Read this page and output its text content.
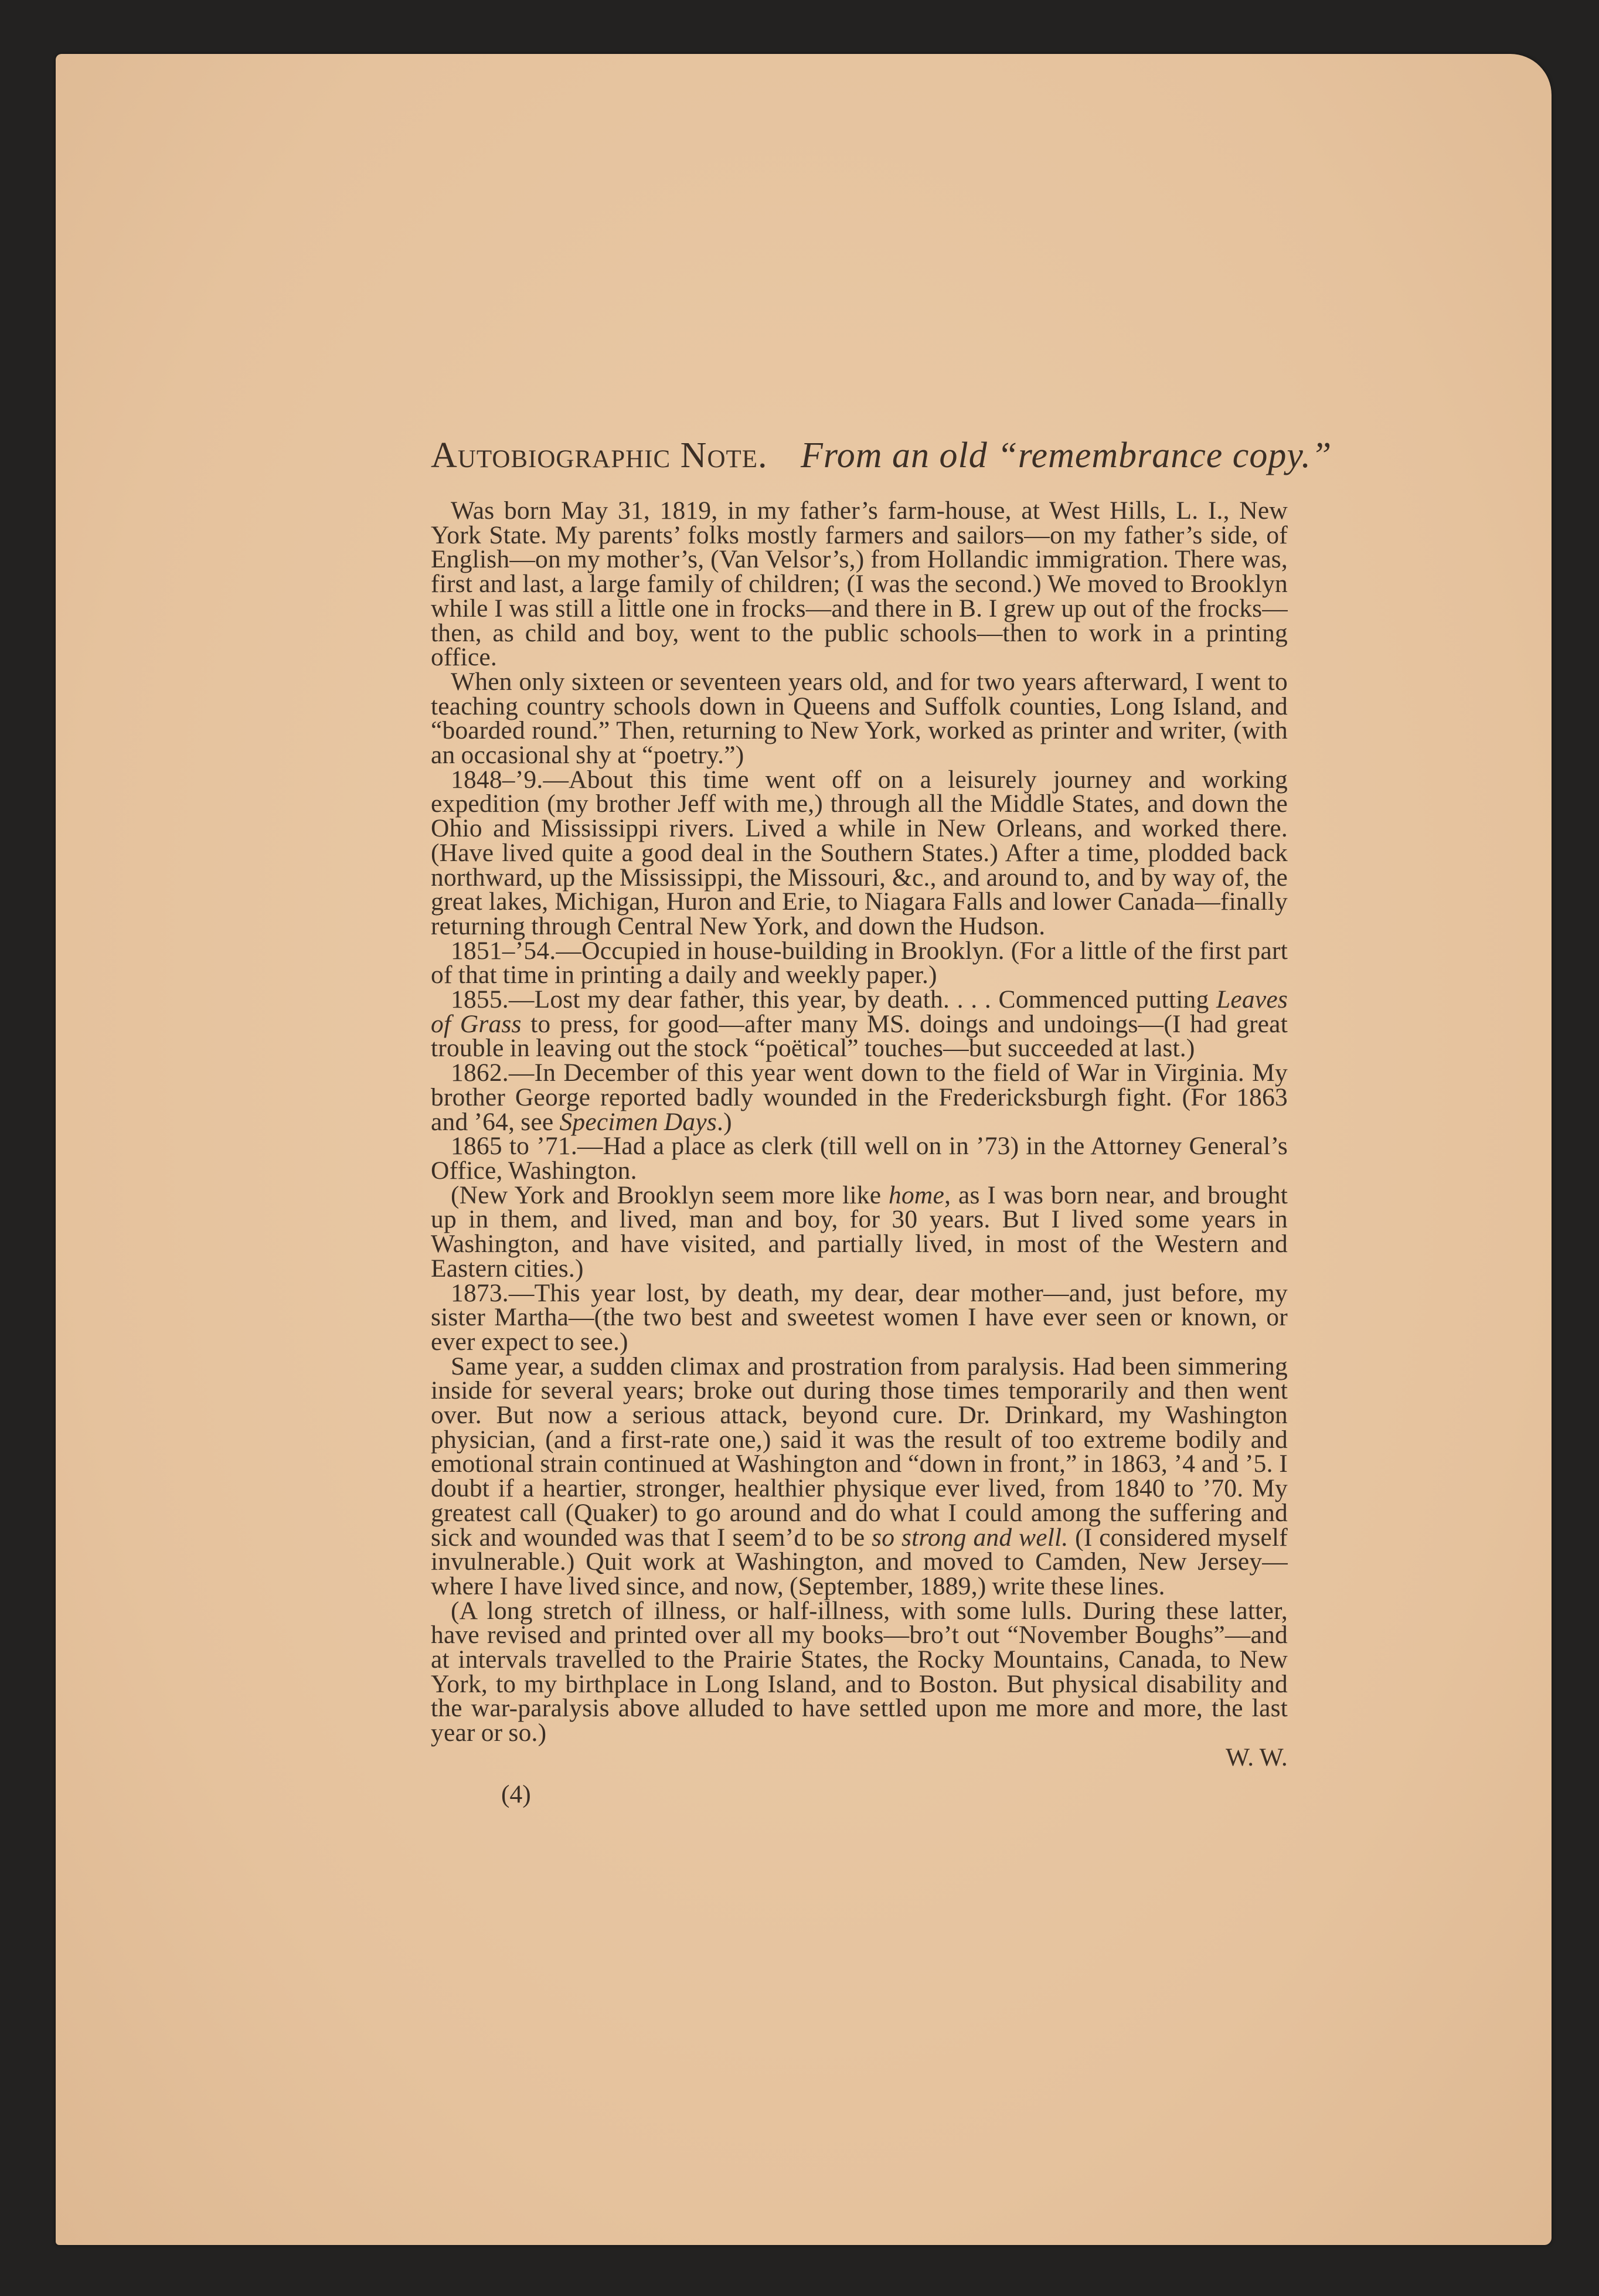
Autobiographic Note. From an old “remembrance copy.”

Was born May 31, 1819, in my father’s farm-house, at West Hills, L. I., New York State. My parents’ folks mostly farmers and sailors—on my father’s side, of English—on my mother’s, (Van Velsor’s,) from Hollandic immigration. There was, first and last, a large family of children; (I was the second.) We moved to Brooklyn while I was still a little one in frocks—and there in B. I grew up out of the frocks—then, as child and boy, went to the public schools—then to work in a printing office.

When only sixteen or seventeen years old, and for two years afterward, I went to teaching country schools down in Queens and Suffolk counties, Long Island, and “boarded round.” Then, returning to New York, worked as printer and writer, (with an occasional shy at “poetry.”)

1848–’9.—About this time went off on a leisurely journey and working expedition (my brother Jeff with me,) through all the Middle States, and down the Ohio and Mississippi rivers. Lived a while in New Orleans, and worked there. (Have lived quite a good deal in the Southern States.) After a time, plodded back northward, up the Mississippi, the Missouri, &c., and around to, and by way of, the great lakes, Michigan, Huron and Erie, to Niagara Falls and lower Canada—finally returning through Central New York, and down the Hudson.

1851–’54.—Occupied in house-building in Brooklyn. (For a little of the first part of that time in printing a daily and weekly paper.)

1855.—Lost my dear father, this year, by death. . . . Commenced putting Leaves of Grass to press, for good—after many MS. doings and undoings—(I had great trouble in leaving out the stock “poëtical” touches—but succeeded at last.)

1862.—In December of this year went down to the field of War in Virginia. My brother George reported badly wounded in the Fredericksburgh fight. (For 1863 and ’64, see Specimen Days.)

1865 to ’71.—Had a place as clerk (till well on in ’73) in the Attorney General’s Office, Washington.

(New York and Brooklyn seem more like home, as I was born near, and brought up in them, and lived, man and boy, for 30 years. But I lived some years in Washington, and have visited, and partially lived, in most of the Western and Eastern cities.)

1873.—This year lost, by death, my dear, dear mother—and, just before, my sister Martha—(the two best and sweetest women I have ever seen or known, or ever expect to see.)

Same year, a sudden climax and prostration from paralysis. Had been simmering inside for several years; broke out during those times temporarily and then went over. But now a serious attack, beyond cure. Dr. Drinkard, my Washington physician, (and a first-rate one,) said it was the result of too extreme bodily and emotional strain continued at Washington and “down in front,” in 1863, ’4 and ’5. I doubt if a heartier, stronger, healthier physique ever lived, from 1840 to ’70. My greatest call (Quaker) to go around and do what I could among the suffering and sick and wounded was that I seem’d to be so strong and well. (I considered myself invulnerable.) Quit work at Washington, and moved to Camden, New Jersey—where I have lived since, and now, (September, 1889,) write these lines.

(A long stretch of illness, or half-illness, with some lulls. During these latter, have revised and printed over all my books—bro’t out “November Boughs”—and at intervals travelled to the Prairie States, the Rocky Mountains, Canada, to New York, to my birthplace in Long Island, and to Boston. But physical disability and the war-paralysis above alluded to have settled upon me more and more, the last year or so.)
W. W.

(4)
